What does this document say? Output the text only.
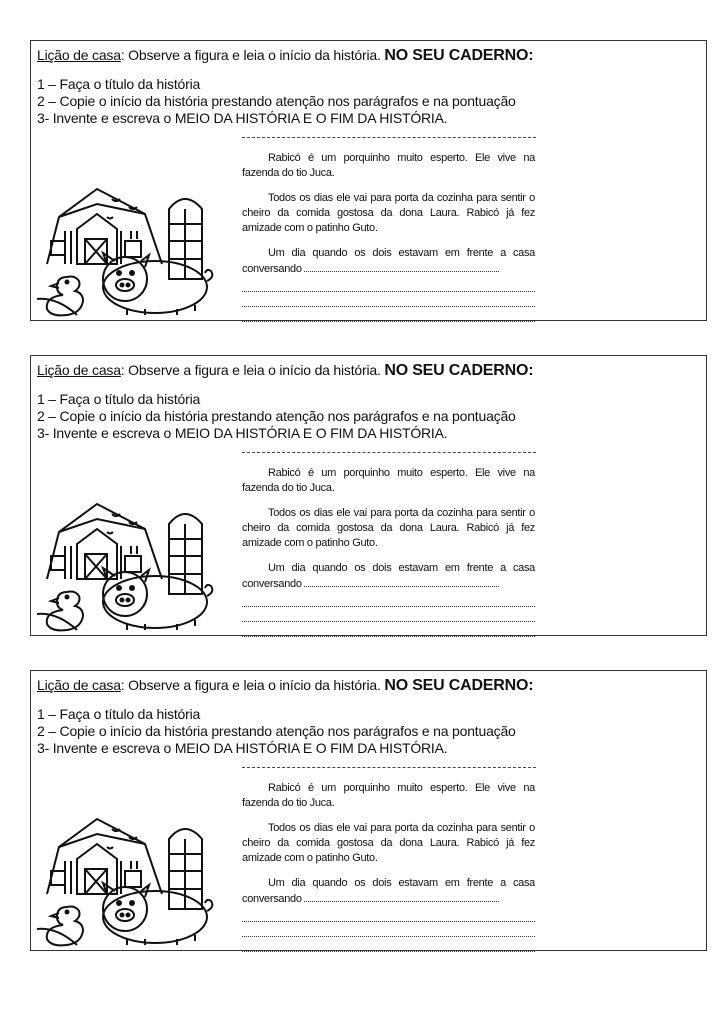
Lição de casa: Observe a figura e leia o início da história. NO SEU CADERNO:
1 – Faça o título da história
2 – Copie o início da história prestando atenção nos parágrafos e na pontuação
3- Invente e escreva o MEIO DA HISTÓRIA E O FIM DA HISTÓRIA.

Rabicó é um porquinho muito esperto. Ele vive na fazenda do tio Juca.

Todos os dias ele vai para porta da cozinha para sentir o cheiro da comida gostosa da dona Laura. Rabicó já fez amizade com o patinho Guto.

Um dia quando os dois estavam em frente a casa conversando

Lição de casa: Observe a figura e leia o início da história. NO SEU CADERNO:
1 – Faça o título da história
2 – Copie o início da história prestando atenção nos parágrafos e na pontuação
3- Invente e escreva o MEIO DA HISTÓRIA E O FIM DA HISTÓRIA.

Rabicó é um porquinho muito esperto. Ele vive na fazenda do tio Juca.

Todos os dias ele vai para porta da cozinha para sentir o cheiro da comida gostosa da dona Laura. Rabicó já fez amizade com o patinho Guto.

Um dia quando os dois estavam em frente a casa conversando

Lição de casa: Observe a figura e leia o início da história. NO SEU CADERNO:
1 – Faça o título da história
2 – Copie o início da história prestando atenção nos parágrafos e na pontuação
3- Invente e escreva o MEIO DA HISTÓRIA E O FIM DA HISTÓRIA.

Rabicó é um porquinho muito esperto. Ele vive na fazenda do tio Juca.

Todos os dias ele vai para porta da cozinha para sentir o cheiro da comida gostosa da dona Laura. Rabicó já fez amizade com o patinho Guto.

Um dia quando os dois estavam em frente a casa conversando
